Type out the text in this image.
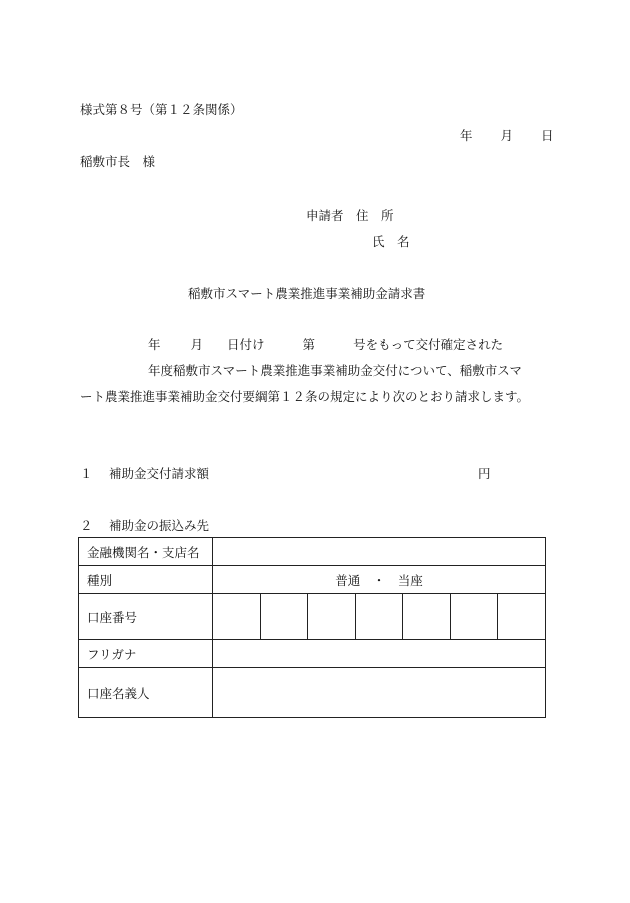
様式第８号（第１２条関係）
年 月 日
稲敷市長　様
申請者　住　所
氏　名
稲敷市スマート農業推進事業補助金請求書
年 月 日付け	第	号をもって交付確定された
年度稲敷市スマート農業推進事業補助金交付について、稲敷市スマ
ート農業推進事業補助金交付要綱第１２条の規定により次のとおり請求します。
１　 補助金交付請求額	円
２　 補助金の振込み先
金融機関名・支店名							
種別	普通　・　当座						
口座番号							
フリガナ							
口座名義人							
